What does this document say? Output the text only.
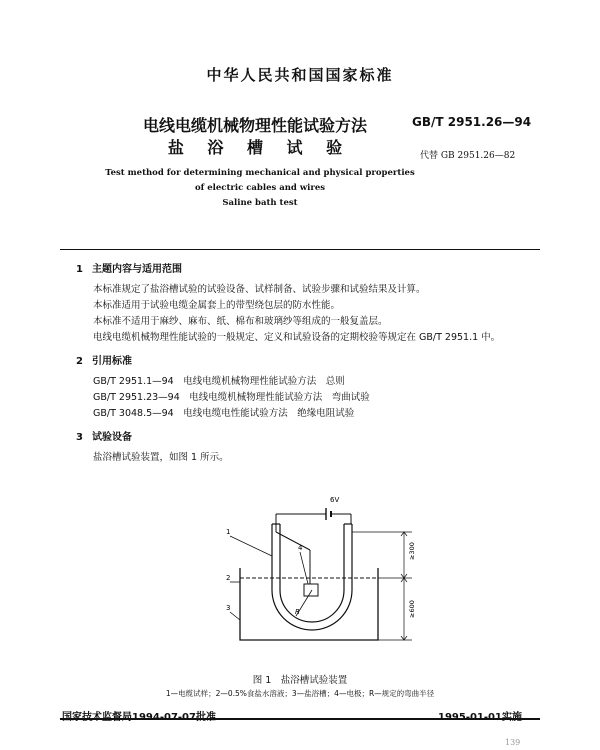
中华人民共和国国家标准
电线电缆机械物理性能试验方法
盐 浴 槽 试 验
GB/T 2951.26—94
代替 GB 2951.26—82
Test method for determining mechanical and physical properties
of electric cables and wires
Saline bath test
1 主题内容与适用范围
本标准规定了盐浴槽试验的试验设备、试样制备、试验步骤和试验结果及计算。
本标准适用于试验电缆金属套上的带型绕包层的防水性能。
本标准不适用于麻纱、麻布、纸、棉布和玻璃纱等组成的一般复盖层。
电线电缆机械物理性能试验的一般规定、定义和试验设备的定期校验等规定在 GB/T 2951.1 中。
2 引用标准
GB/T 2951.1—94　电线电缆机械物理性能试验方法　总则
GB/T 2951.23—94　电线电缆机械物理性能试验方法　弯曲试验
GB/T 3048.5—94　电线电缆电性能试验方法　绝缘电阻试验
3 试验设备
盐浴槽试验装置，如图 1 所示。
6V
R
1
2
3
4	≥300
≥600
图 1　盐浴槽试验装置
1—电缆试样；2—0.5%食盐水溶液；3—盐浴槽；4—电极；R—规定的弯曲半径
139
